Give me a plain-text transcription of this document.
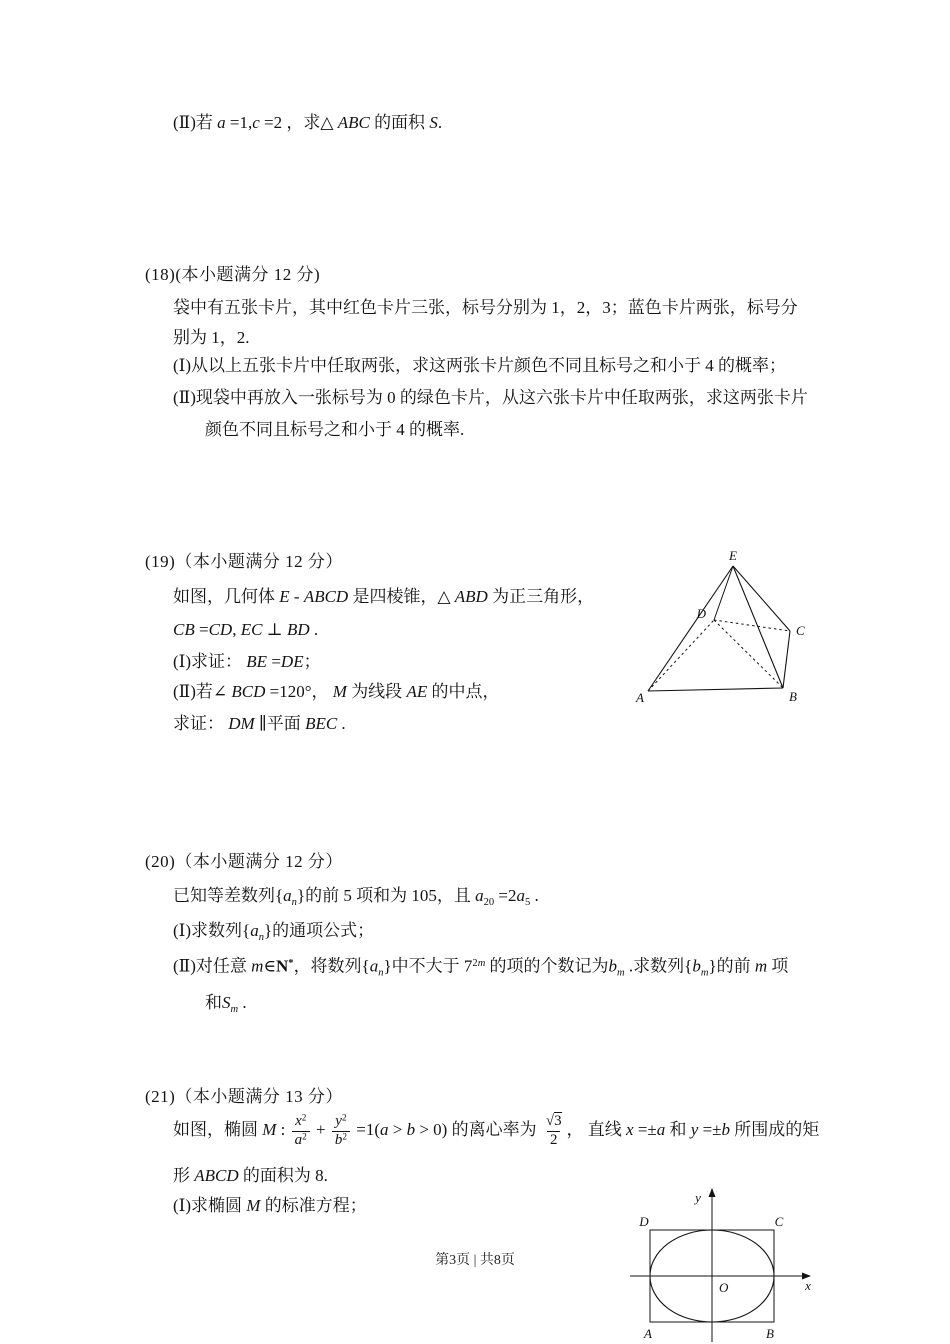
(Ⅱ)若 a =1,c =2 ，求△ ABC 的面积 S.
(18)(本小题满分 12 分)
袋中有五张卡片，其中红色卡片三张，标号分别为 1，2，3；蓝色卡片两张，标号分
别为 1，2.
(Ⅰ)从以上五张卡片中任取两张，求这两张卡片颜色不同且标号之和小于 4 的概率；
(Ⅱ)现袋中再放入一张标号为 0 的绿色卡片，从这六张卡片中任取两张，求这两张卡片
颜色不同且标号之和小于 4 的概率.
(19)（本小题满分 12 分）
如图，几何体 E - ABCD 是四棱锥，△ ABD 为正三角形，
CB =CD, EC ⊥ BD .
(Ⅰ)求证： BE =DE；
(Ⅱ)若∠ BCD =120°， M 为线段 AE 的中点，
求证： DM ∥平面 BEC .
E
D
C
A	B
(20)（本小题满分 12 分）
已知等差数列$\{a_n\}$的前 5 项和为 105，且 $a_{20} =2a_5$ .
(Ⅰ)求数列$\{a_n\}$的通项公式；
(Ⅱ)对任意 m∈N*，将数列$\{a_n\}$中不大于 $7^{2m}$ 的项的个数记为$b_m$ .求数列$\{b_m\}$的前 m 项
和$S_m$ .
(21)（本小题满分 13 分）
如图，椭圆 M : $\frac{x^2}{a^2} + \frac{y^2}{b^2} =1(a > b > 0)$ 的离心率为 $\frac{√3}{2}$ ， 直线 x =±a 和 y =±b 所围成的矩
形 ABCD 的面积为 8.
(Ⅰ)求椭圆 M 的标准方程；	y
x
O
D	C
A	B
第3页 | 共8页
